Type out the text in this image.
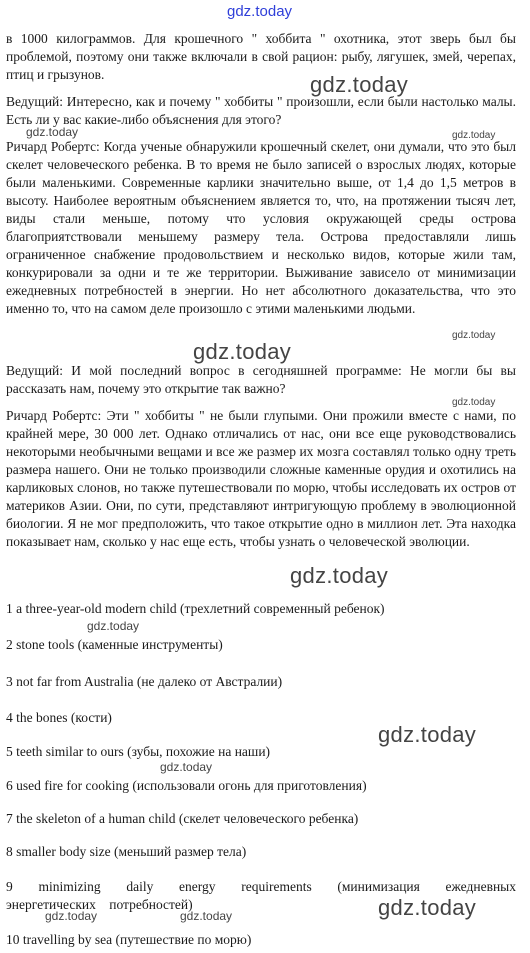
gdz.today

в 1000 килограммов. Для крошечного " хоббита " охотника, этот зверь был бы проблемой, поэтому они также включали в свой рацион: рыбу, лягушек, змей, черепах, птиц и грызунов.

Ведущий: Интересно, как и почему " хоббиты " произошли, если были настолько малы. Есть ли у вас какие-либо объяснения для этого?

Ричард Робертс: Когда ученые обнаружили крошечный скелет, они думали, что это был скелет человеческого ребенка. В то время не было записей о взрослых людях, которые были маленькими. Современные карлики значительно выше, от 1,4 до 1,5 метров в высоту. Наиболее вероятным объяснением является то, что, на протяжении тысяч лет, виды стали меньше, потому что условия окружающей среды острова благоприятствовали меньшему размеру тела. Острова предоставляли лишь ограниченное снабжение продовольствием и несколько видов, которые жили там, конкурировали за одни и те же территории. Выживание зависело от минимизации ежедневных потребностей в энергии. Но нет абсолютного доказательства, что это именно то, что на самом деле произошло с этими маленькими людьми.

Ведущий: И мой последний вопрос в сегодняшней программе: Не могли бы вы рассказать нам, почему это открытие так важно?

Ричард Робертс: Эти " хоббиты " не были глупыми. Они прожили вместе с нами, по крайней мере, 30 000 лет. Однако отличались от нас, они все еще руководствовались некоторыми необычными вещами и все же размер их мозга составлял только одну треть размера нашего. Они не только производили сложные каменные орудия и охотились на карликовых слонов, но также путешествовали по морю, чтобы исследовать их остров от материков Азии. Они, по сути, представляют интригующую проблему в эволюционной биологии. Я не мог предположить, что такое открытие одно в миллион лет. Эта находка показывает нам, сколько у нас еще есть, чтобы узнать о человеческой эволюции.

1 a three-year-old modern child (трехлетний современный ребенок)

2 stone tools (каменные инструменты)

3 not far from Australia (не далеко от Австралии)

4 the bones (кости)

5 teeth similar to ours (зубы, похожие на наши)

6 used fire for cooking (использовали огонь для приготовления)

7 the skeleton of a human child (скелет человеческого ребенка)

8 smaller body size (меньший размер тела)

9 minimizing daily energy requirements (минимизация ежедневных энергетических потребностей)

10 travelling by sea (путешествие по морю)

gdz.today
gdz.today	gdz.today
gdz.today
gdz.today
gdz.today
gdz.today
gdz.today
gdz.today
gdz.today
gdz.today
gdz.today	gdz.today
